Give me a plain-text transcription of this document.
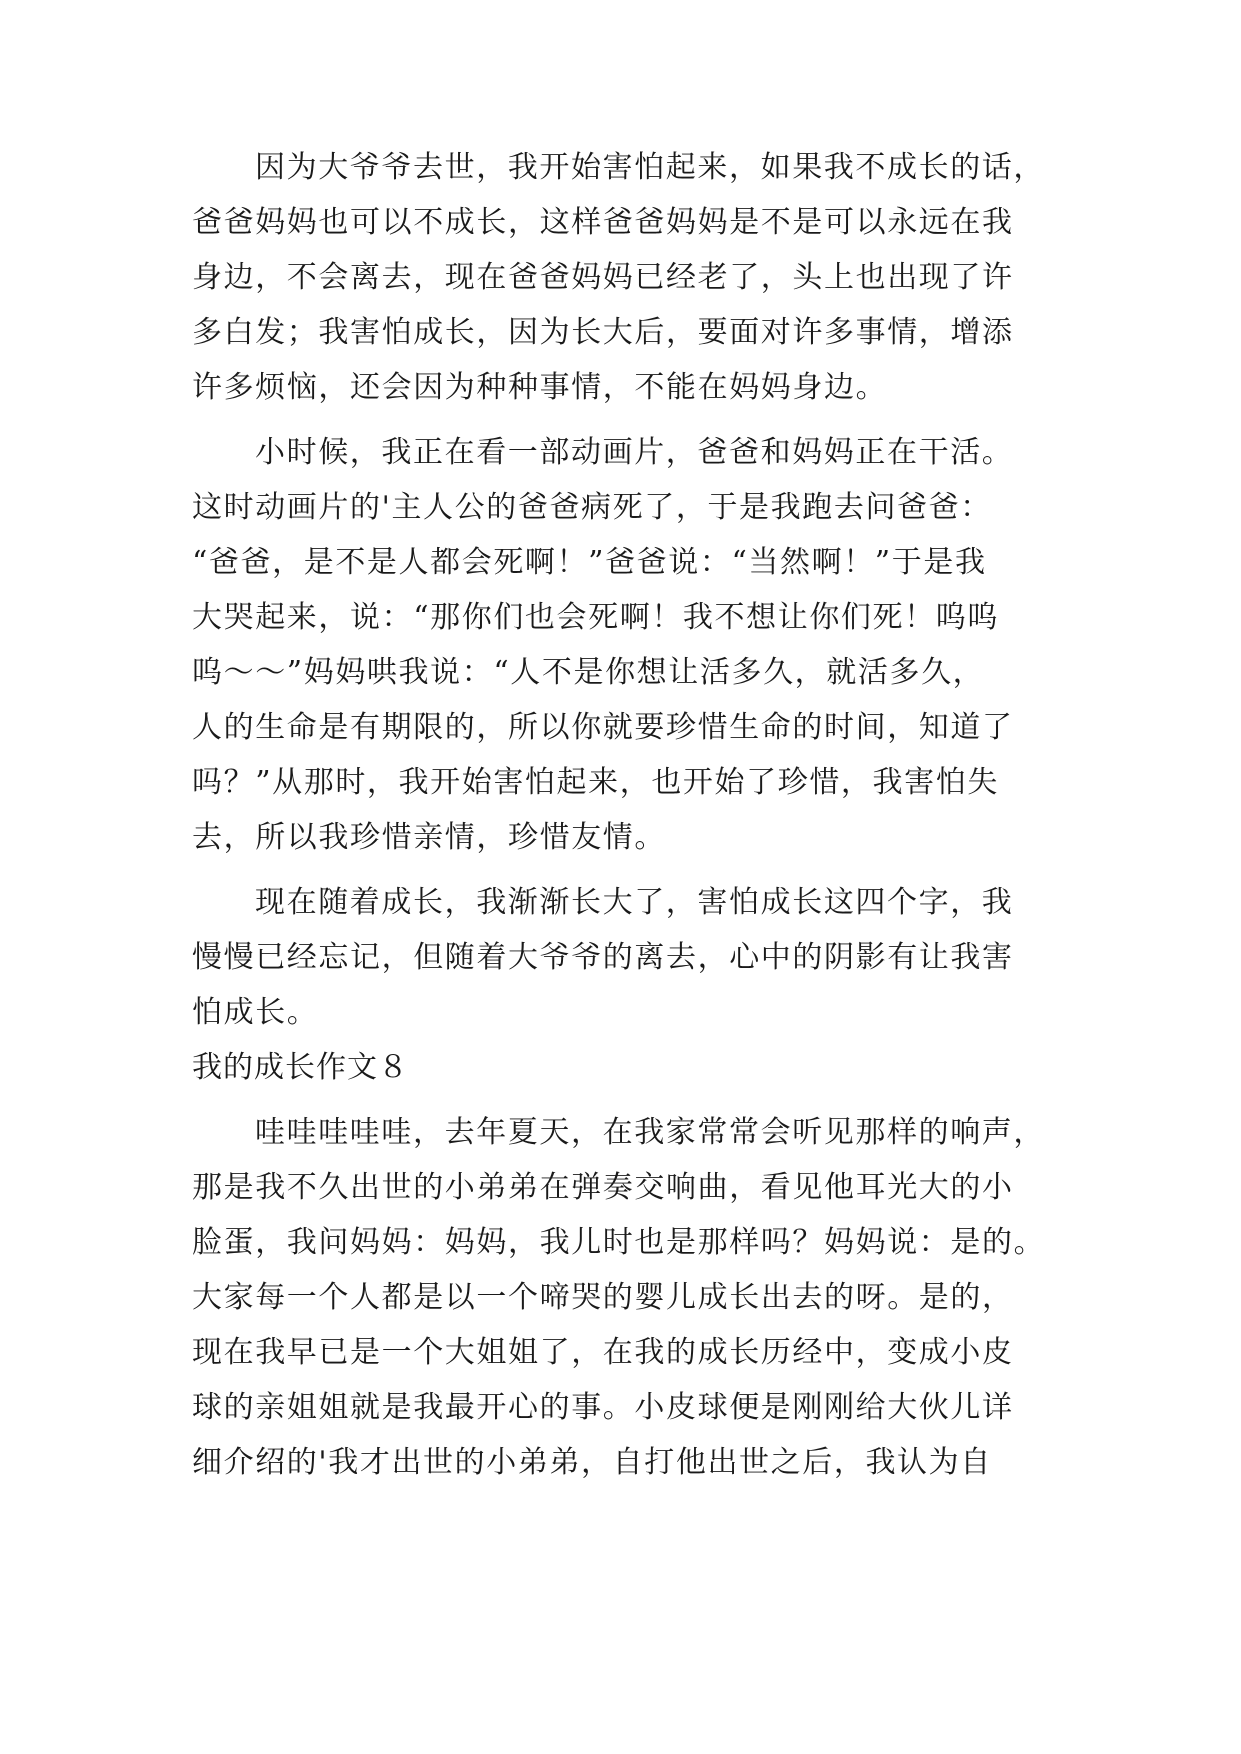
因为大爷爷去世，我开始害怕起来，如果我不成长的话，
爸爸妈妈也可以不成长，这样爸爸妈妈是不是可以永远在我
身边，不会离去，现在爸爸妈妈已经老了，头上也出现了许
多白发；我害怕成长，因为长大后，要面对许多事情，增添
许多烦恼，还会因为种种事情，不能在妈妈身边。
小时候，我正在看一部动画片，爸爸和妈妈正在干活。
这时动画片的'主人公的爸爸病死了，于是我跑去问爸爸：
“爸爸，是不是人都会死啊！”爸爸说：“当然啊！”于是我
大哭起来，说：“那你们也会死啊！我不想让你们死！呜呜
呜～～”妈妈哄我说：“人不是你想让活多久，就活多久，
人的生命是有期限的，所以你就要珍惜生命的时间，知道了
吗？”从那时，我开始害怕起来，也开始了珍惜，我害怕失
去，所以我珍惜亲情，珍惜友情。
现在随着成长，我渐渐长大了，害怕成长这四个字，我
慢慢已经忘记，但随着大爷爷的离去，心中的阴影有让我害
怕成长。
我的成长作文８
哇哇哇哇哇，去年夏天，在我家常常会听见那样的响声，
那是我不久出世的小弟弟在弹奏交响曲，看见他耳光大的小
脸蛋，我问妈妈：妈妈，我儿时也是那样吗？妈妈说：是的。
大家每一个人都是以一个啼哭的婴儿成长出去的呀。是的，
现在我早已是一个大姐姐了，在我的成长历经中，变成小皮
球的亲姐姐就是我最开心的事。小皮球便是刚刚给大伙儿详
细介绍的'我才出世的小弟弟，自打他出世之后，我认为自
